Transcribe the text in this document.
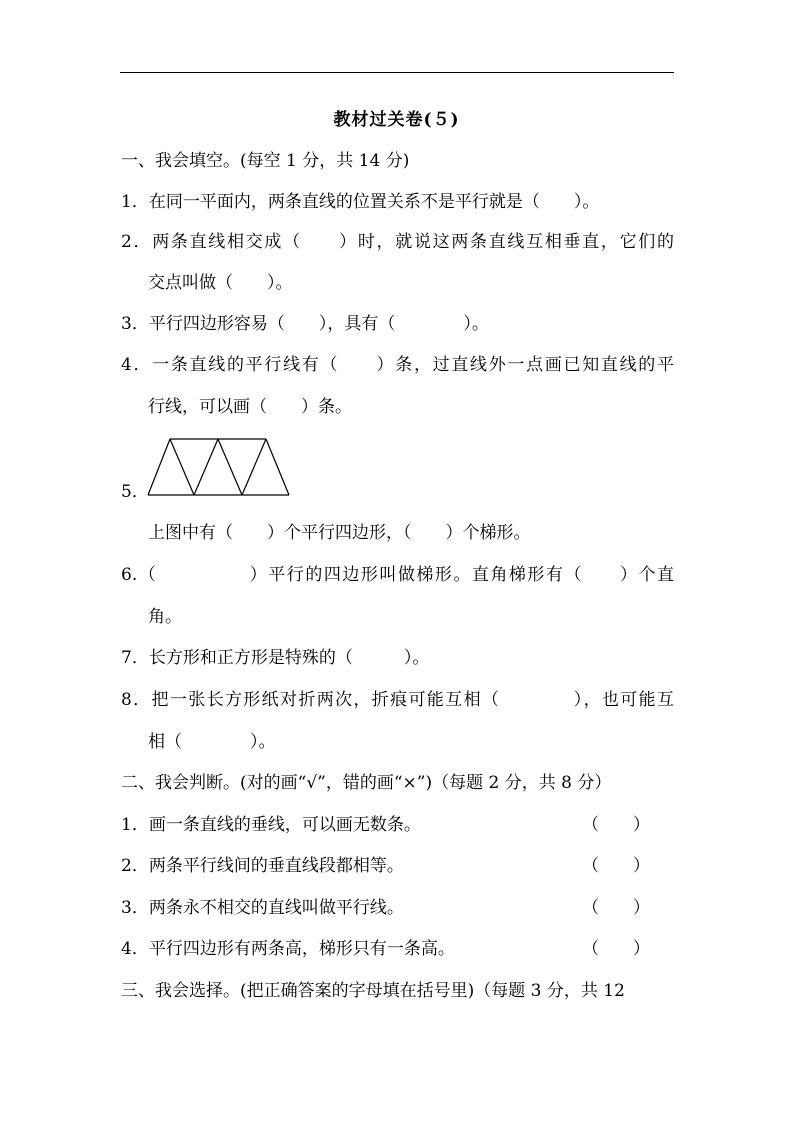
教材过关卷(５)
一、我会填空。(每空 1 分，共 14 分)
1．在同一平面内，两条直线的位置关系不是平行就是（　　）。
2．两条直线相交成（　　）时，就说这两条直线互相垂直，它们的
交点叫做（　　）。
3．平行四边形容易（　　），具有（　　　　）。
4．一条直线的平行线有（　　）条，过直线外一点画已知直线的平
行线，可以画（　　）条。
5．
上图中有（　　）个平行四边形，（　　）个梯形。
6.（　　　　　）平行的四边形叫做梯形。直角梯形有（　　）个直
角。
7．长方形和正方形是特殊的（　　　）。
8．把一张长方形纸对折两次，折痕可能互相（　　　　），也可能互
相（　　　　）。
二、我会判断。(对的画“√”，错的画“×”)（每题 2 分，共 8 分）
1．画一条直线的垂线，可以画无数条。	（　　）
2．两条平行线间的垂直线段都相等。	（　　）
3．两条永不相交的直线叫做平行线。	（　　）
4．平行四边形有两条高，梯形只有一条高。	（　　）
三、我会选择。(把正确答案的字母填在括号里)（每题 3 分，共 12
